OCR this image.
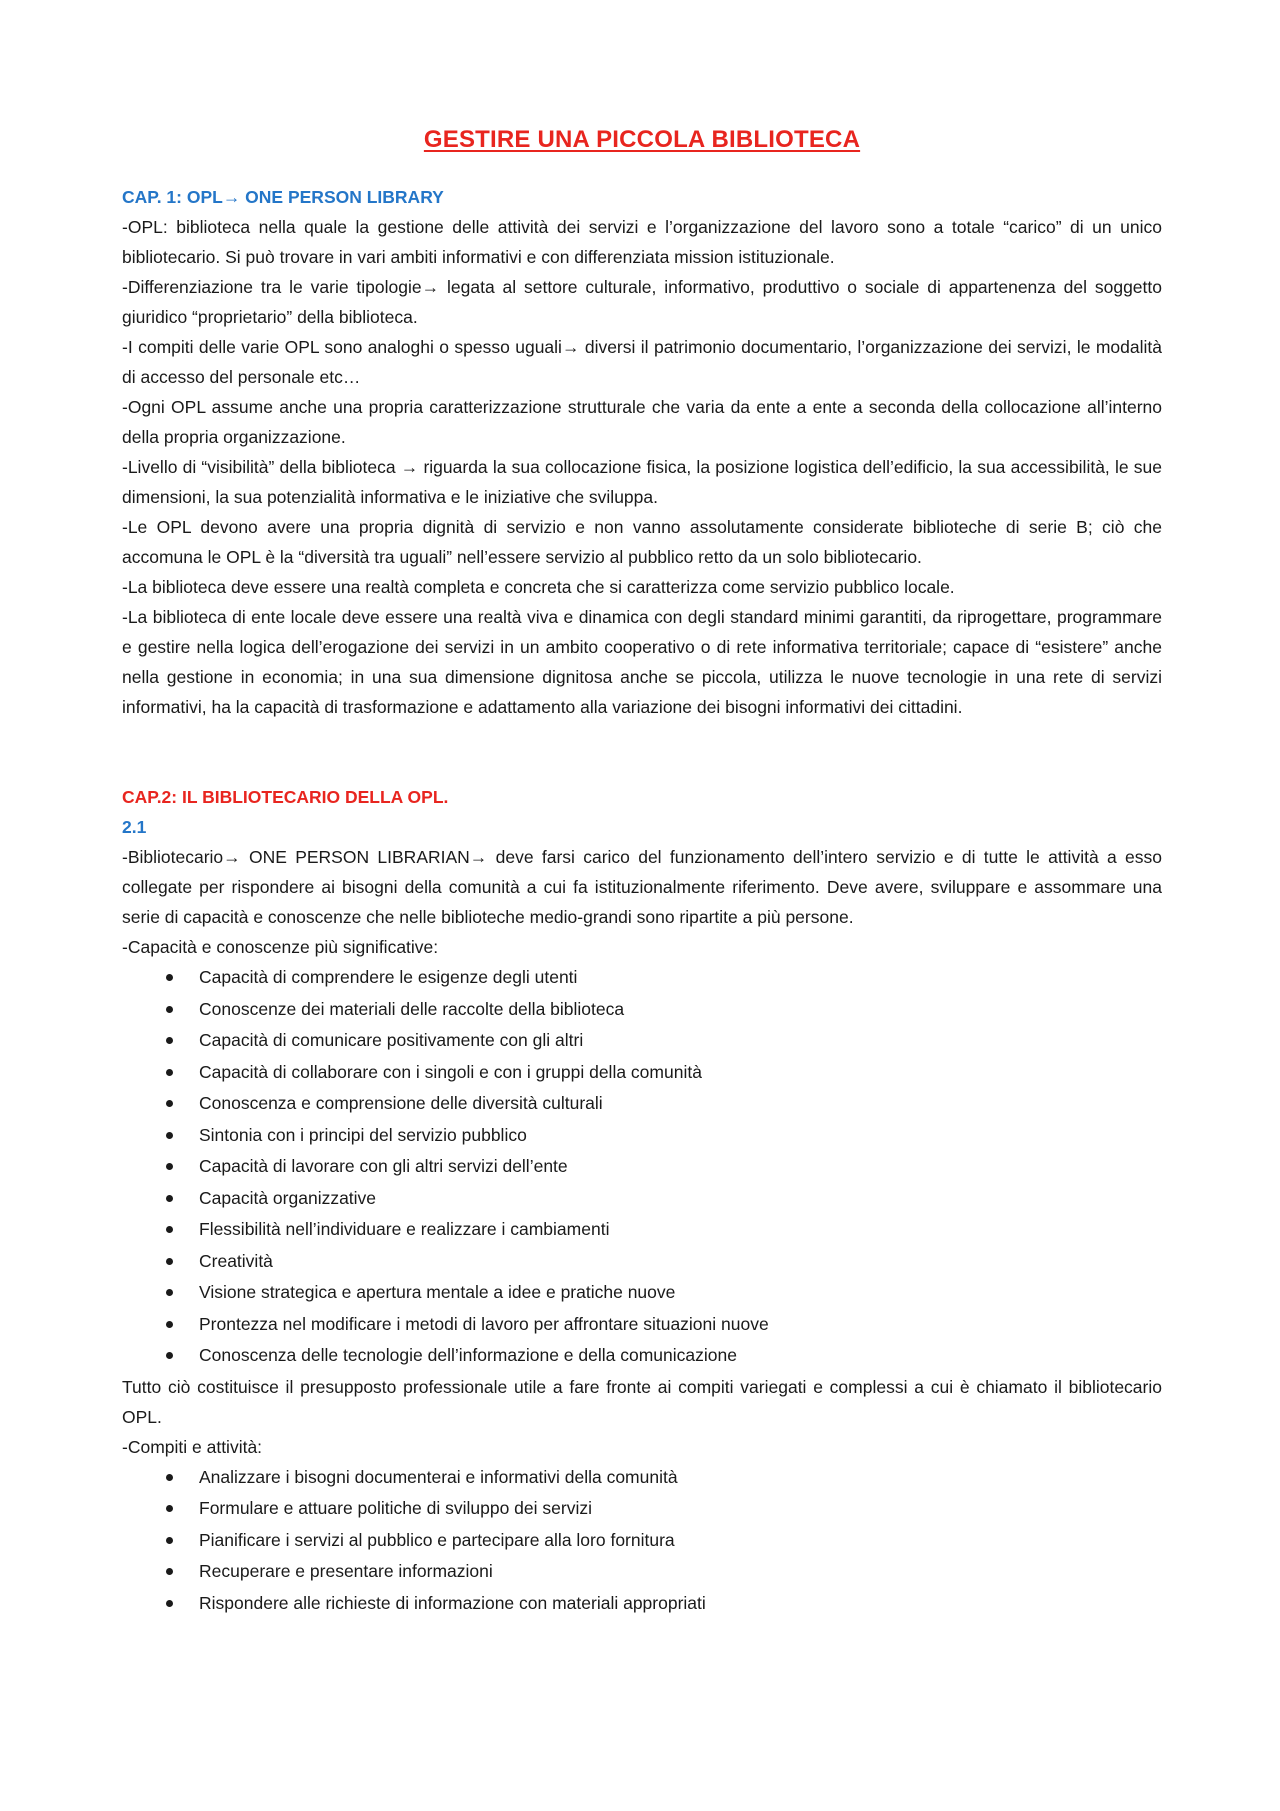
GESTIRE UNA PICCOLA BIBLIOTECA
CAP. 1: OPL→ ONE PERSON LIBRARY

-OPL: biblioteca nella quale la gestione delle attività dei servizi e l’organizzazione del lavoro sono a totale “carico” di un unico bibliotecario. Si può trovare in vari ambiti informativi e con differenziata mission istituzionale.

-Differenziazione tra le varie tipologie→ legata al settore culturale, informativo, produttivo o sociale di appartenenza del soggetto giuridico “proprietario” della biblioteca.

-I compiti delle varie OPL sono analoghi o spesso uguali→ diversi il patrimonio documentario, l’organizzazione dei servizi, le modalità di accesso del personale etc…

-Ogni OPL assume anche una propria caratterizzazione strutturale che varia da ente a ente a seconda della collocazione all’interno della propria organizzazione.

-Livello di “visibilità” della biblioteca → riguarda la sua collocazione fisica, la posizione logistica dell’edificio, la sua accessibilità, le sue dimensioni, la sua potenzialità informativa e le iniziative che sviluppa.

-Le OPL devono avere una propria dignità di servizio e non vanno assolutamente considerate biblioteche di serie B; ciò che accomuna le OPL è la “diversità tra uguali” nell’essere servizio al pubblico retto da un solo bibliotecario.

-La biblioteca deve essere una realtà completa e concreta che si caratterizza come servizio pubblico locale.

-La biblioteca di ente locale deve essere una realtà viva e dinamica con degli standard minimi garantiti, da riprogettare, programmare e gestire nella logica dell’erogazione dei servizi in un ambito cooperativo o di rete informativa territoriale; capace di “esistere” anche nella gestione in economia; in una sua dimensione dignitosa anche se piccola, utilizza le nuove tecnologie in una rete di servizi informativi, ha la capacità di trasformazione e adattamento alla variazione dei bisogni informativi dei cittadini.

CAP.2: IL BIBLIOTECARIO DELLA OPL.
2.1

-Bibliotecario→ ONE PERSON LIBRARIAN→ deve farsi carico del funzionamento dell’intero servizio e di tutte le attività a esso collegate per rispondere ai bisogni della comunità a cui fa istituzionalmente riferimento. Deve avere, sviluppare e assommare una serie di capacità e conoscenze che nelle biblioteche medio-grandi sono ripartite a più persone.

-Capacità e conoscenze più significative:

Capacità di comprendere le esigenze degli utenti
Conoscenze dei materiali delle raccolte della biblioteca
Capacità di comunicare positivamente con gli altri
Capacità di collaborare con i singoli e con i gruppi della comunità
Conoscenza e comprensione delle diversità culturali
Sintonia con i principi del servizio pubblico
Capacità di lavorare con gli altri servizi dell’ente
Capacità organizzative
Flessibilità nell’individuare e realizzare i cambiamenti
Creatività
Visione strategica e apertura mentale a idee e pratiche nuove
Prontezza nel modificare i metodi di lavoro per affrontare situazioni nuove
Conoscenza delle tecnologie dell’informazione e della comunicazione

Tutto ciò costituisce il presupposto professionale utile a fare fronte ai compiti variegati e complessi a cui è chiamato il bibliotecario OPL.

-Compiti e attività:

Analizzare i bisogni documenterai e informativi della comunità
Formulare e attuare politiche di sviluppo dei servizi
Pianificare i servizi al pubblico e partecipare alla loro fornitura
Recuperare e presentare informazioni
Rispondere alle richieste di informazione con materiali appropriati
